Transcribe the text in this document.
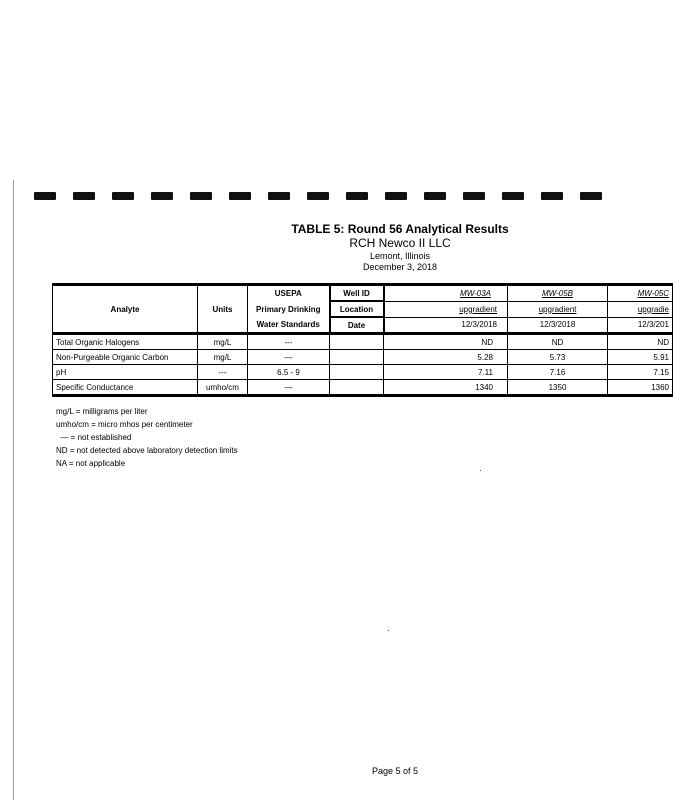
TABLE 5: Round 56 Analytical Results
RCH Newco II LLC
Lemont, Illinois
December 3, 2018
Analyte	Units	USEPA	Well ID	MW-03A	MW-05B	MW-05C
		Primary Drinking	Location	upgradient	upgradient	upgradie
		Water Standards	Date	12/3/2018	12/3/2018	12/3/201
Total Organic Halogens	mg/L	---		ND	ND	ND
Non-Purgeable Organic Carbon	mg/L	—		5.28	5.73	5.91
pH	---	6.5 - 9		7.11	7.16	7.15
Specific Conductance	umho/cm	—		1340	1350	1360
mg/L = milligrams per liter
umho/cm = micro mhos per centimeter
— = not established
ND = not detected above laboratory detection limits
NA = not applicable
Page 5 of 5
